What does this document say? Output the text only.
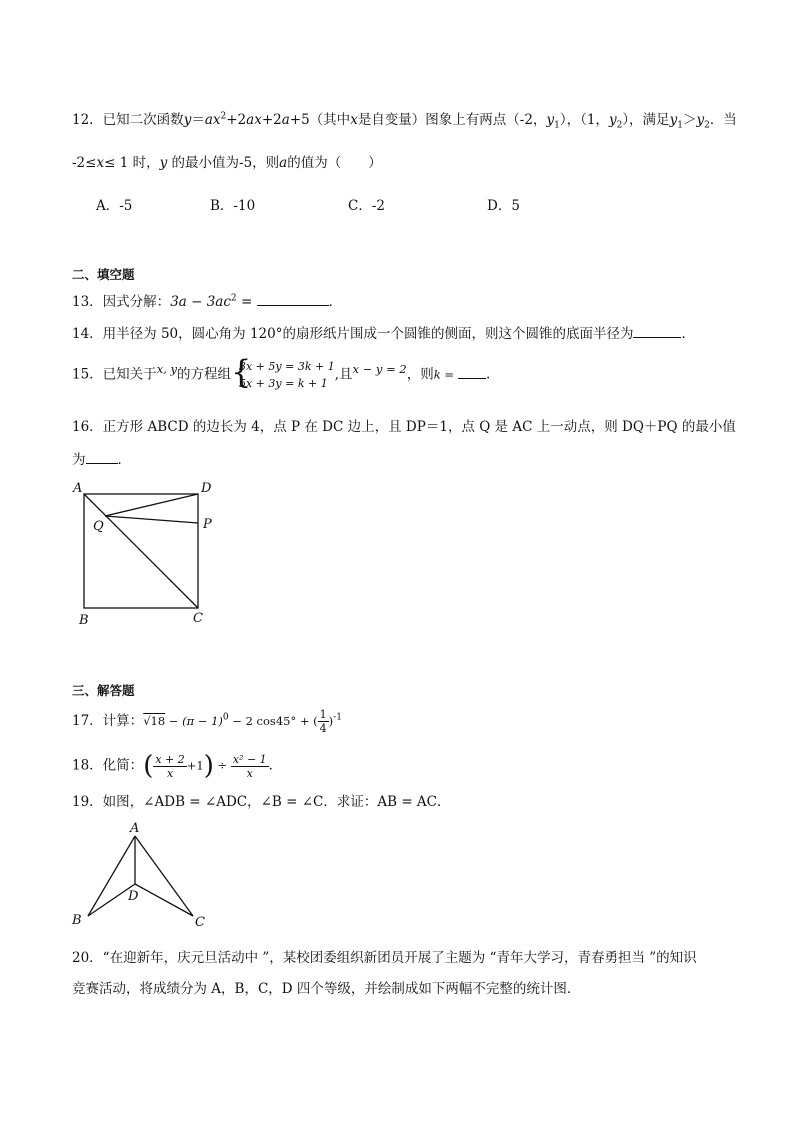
12．已知二次函数$y=ax^2+2ax+2a+5$（其中x是自变量）图象上有两点（-2，$y_1$），（1，$y_2$），满足$y_1>y_2$．当
-2≤x≤ 1 时，y 的最小值为-5，则a的值为（　　）
A．-5	B．-10	C．-2	D．5
二、填空题
13．因式分解：$3a - 3ac^2$ =	．
14．用半径为 50，圆心角为 120°的扇形纸片围成一个圆锥的侧面，则这个圆锥的底面半径为	．
15．已知关于x, y的方程组 {
3x + 5y = 3k + 1
5x + 3y = k + 1
,且x − y = 2，则k = .
16．正方形 ABCD 的边长为 4，点 P 在 DC 边上，且 DP＝1，点 Q 是 AC 上一动点，则 DQ＋PQ 的最小值
为 ．
A	D
Q	P
B	C
三、解答题
17．计算：$√18 - (\pi - 1)^0 - 2$ cos45° + ( $\frac{1}{4} )^{-1}$
18．化简：( $\frac{x + 2}{x} +1) \div \frac{\text{x² − 1}}{x}$ ．
19．如图，∠ADB = ∠ADC，∠B = ∠C．求证：AB = AC．
A
D
B	C
20．“在迎新年，庆元旦活动中 ”，某校团委组织新团员开展了主题为 “青年大学习，青春勇担当 ”的知识
竞赛活动，将成绩分为 A，B，C，D 四个等级，并绘制成如下两幅不完整的统计图．
